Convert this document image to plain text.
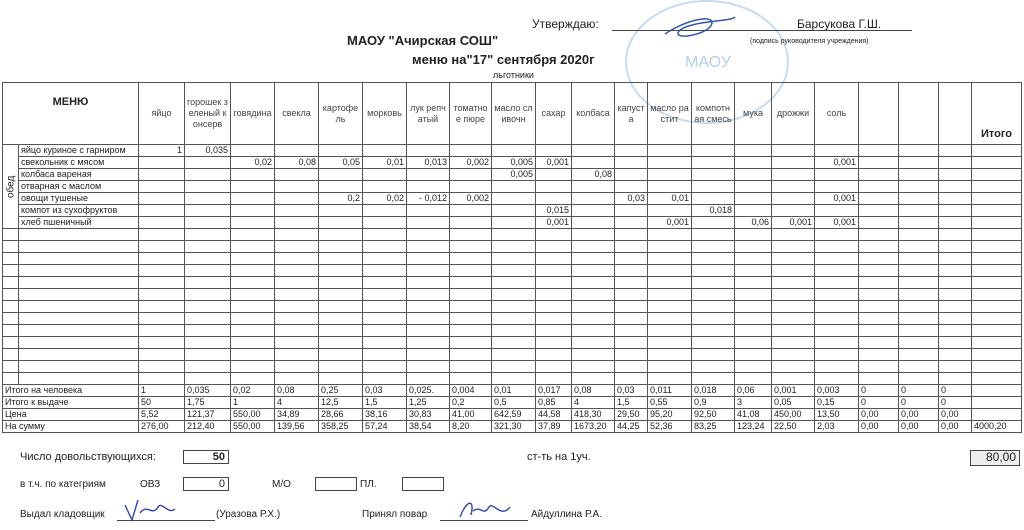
МАОУ
Утверждаю:	Барсукова Г.Ш.
(подпись руководителя учреждения)
МАОУ "Ачирская СОШ"
меню на"17" сентября 2020г
льготники
МЕНЮ		яйцо	горошек зеленый консерв	говядина	свекла	картофель	морковь	лук репчатый	томатное пюре	масло сливочн	сахар	колбаса	капуста	масло растит	компотная смесь	мука	дрожжи	соль				Итого
обед	яйцо куриное с гарниром	1	0,035																			
	свекольник с мясом			0,02	0,08	0,05	0,01	0,013	0,002	0,005	0,001							0,001				
	колбаса вареная									0,005		0,08										
	отварная с маслом																					
	овощи тушеные					0,2	0,02	- 0,012	0,002				0,03	0,01				0,001				
	компот из сухофруктов										0,015				0,018							
	хлеб пшеничный										0,001			0,001		0,06	0,001	0,001				

Итого на человека		1	0,035	0,02	0,08	0,25	0,03	0,025.	0,004	0,01	0,017	0,08	0,03	0,011	0,018	0,06	0,001	0,003	0	0	0	
Итого к выдаче		50	1,75	1	4	12,5	1,5	1,25	0,2	0,5	0,85	4	1,5	0,55	0,9	3	0,05	0,15	0	0	0	
Цена		5,52	121,37	550,00	34,89	28,66	38,16	30,83	41,00	642,59	44,58	418,30	29,50	95,20	92,50	41,08	450,00	13,50	0,00	0,00	0,00	
На сумму		276,00	212,40	550,00	139,56	358,25	57,24	38,54	8,20	321,30	37,89	1673,20	44,25	52,36	83,25	123,24	22,50	2,03	0,00	0,00	0,00	4000,20
Число довольствующихся:	50	ст-ть на 1уч.	80,00
в т.ч. по категриям	ОВЗ	0	М/О	ПЛ.
Выдал кладовщик	(Уразова Р.Х.)	Принял повар	Айдуллина Р.А.
